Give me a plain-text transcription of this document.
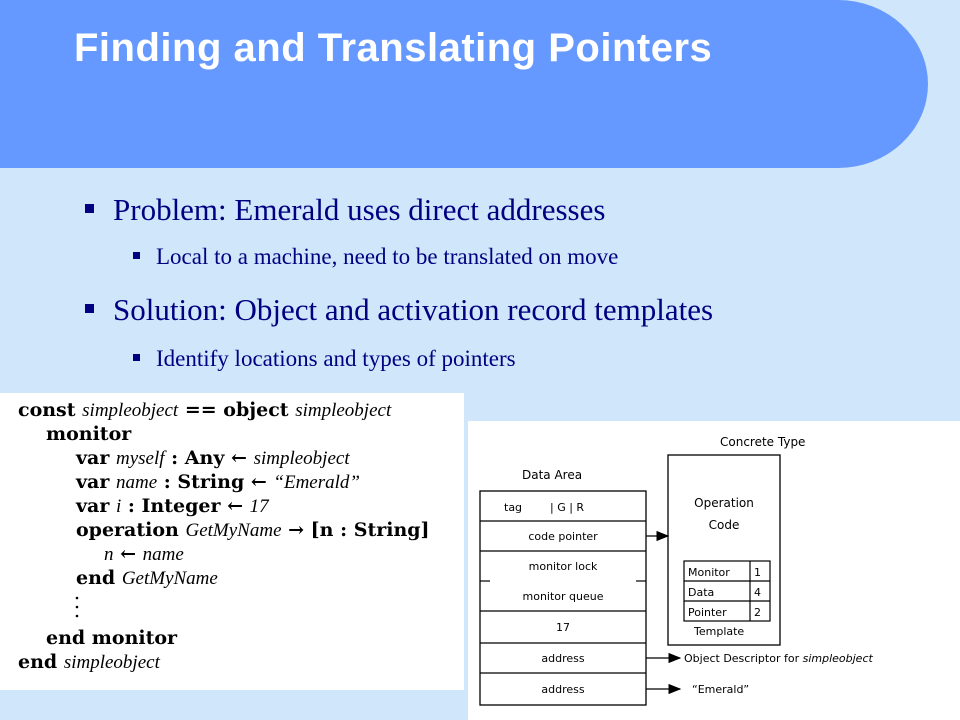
Finding and Translating Pointers
Problem: Emerald uses direct addresses
Local to a machine, need to be translated on move
Solution: Object and activation record templates
Identify locations and types of pointers
const simpleobject == object simpleobject
monitor
var myself : Any ← simpleobject
var name : String ← “Emerald”
var i : Integer ← 17
operation GetMyName → [n : String]
n ← name
end GetMyName
end monitor
end simpleobject
Concrete Type
Operation
Code
Monitor 1
Data	4
Pointer 2
Template
Data Area
tag        | G | R
code pointer
monitor lock
monitor queue
17
address
address
Object Descriptor for simpleobject
“Emerald”
